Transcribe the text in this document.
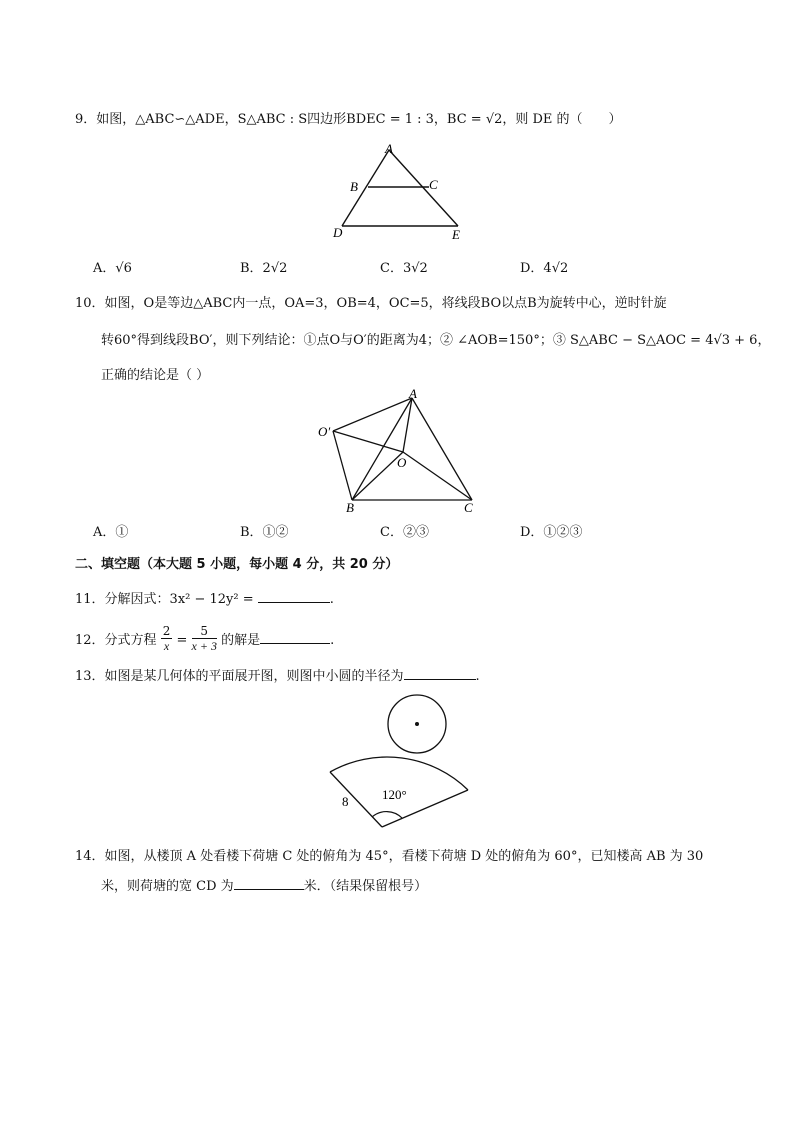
9．如图，△ABC∽△ADE，S△ABC : S四边形BDEC = 1 : 3，BC = √2，则 DE 的（　　）
A
B	C
D	E
A．√6	B．2√2	C．3√2	D．4√2
10．如图，O是等边△ABC内一点，OA=3，OB=4，OC=5，将线段BO以点B为旋转中心，逆时针旋
转60°得到线段BO′，则下列结论：①点O与O′的距离为4；② ∠AOB=150°；③ S△ABC − S△AOC = 4√3 + 6，
正确的结论是（ ）
A
O′
O
B	C
A．①	B．①②	C．②③	D．①②③
二、填空题（本大题 5 小题，每小题 4 分，共 20 分）
11．分解因式：3x² − 12y² =	.
12．分式方程 $\frac{2}{x} = \frac{5}{x + 3}$ 的解是	.
13．如图是某几何体的平面展开图，则图中小圆的半径为	.
120°
8
14．如图，从楼顶 A 处看楼下荷塘 C 处的俯角为 45°，看楼下荷塘 D 处的俯角为 60°，已知楼高 AB 为 30
米，则荷塘的宽 CD 为	米．（结果保留根号）
